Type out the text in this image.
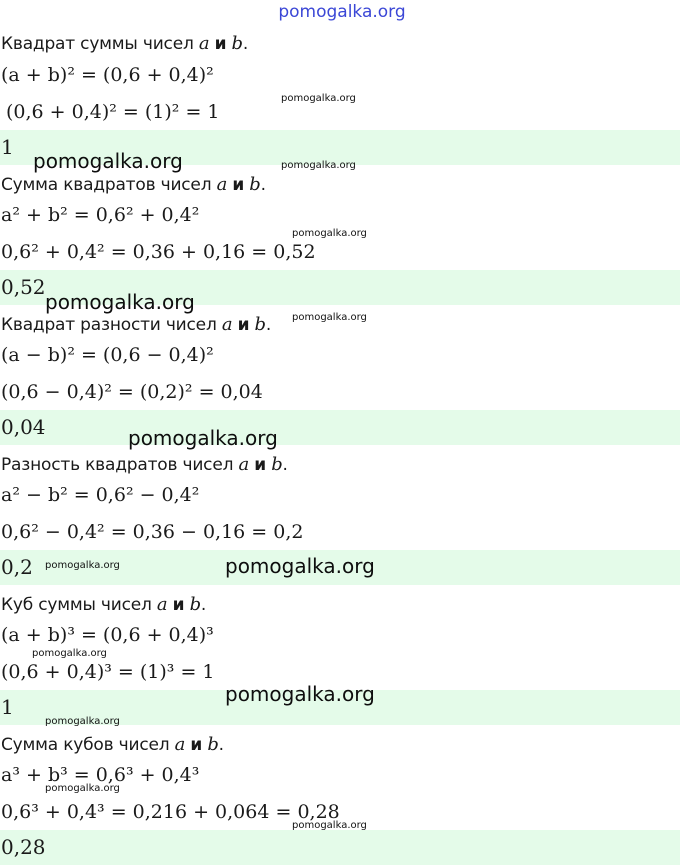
pomogalka.org
Квадрат суммы чисел a и b.
(a + b)² = (0,6 + 0,4)²
(0,6 + 0,4)² = (1)² = 1
1
Сумма квадратов чисел a и b.
a² + b² = 0,6² + 0,4²
0,6² + 0,4² = 0,36 + 0,16 = 0,52
0,52
Квадрат разности чисел a и b.
(a − b)² = (0,6 − 0,4)²
(0,6 − 0,4)² = (0,2)² = 0,04
0,04
Разность квадратов чисел a и b.
a² − b² = 0,6² − 0,4²
0,6² − 0,4² = 0,36 − 0,16 = 0,2
0,2
Куб суммы чисел a и b.
(a + b)³ = (0,6 + 0,4)³
(0,6 + 0,4)³ = (1)³ = 1
1
Сумма кубов чисел a и b.
a³ + b³ = 0,6³ + 0,4³
0,6³ + 0,4³ = 0,216 + 0,064 = 0,28
0,28
pomogalka.org
pomogalka.org
pomogalka.org
pomogalka.org
pomogalka.org
pomogalka.org
pomogalka.org
pomogalka.org
pomogalka.org
pomogalka.org
pomogalka.org
pomogalka.org
pomogalka.org
pomogalka.org
